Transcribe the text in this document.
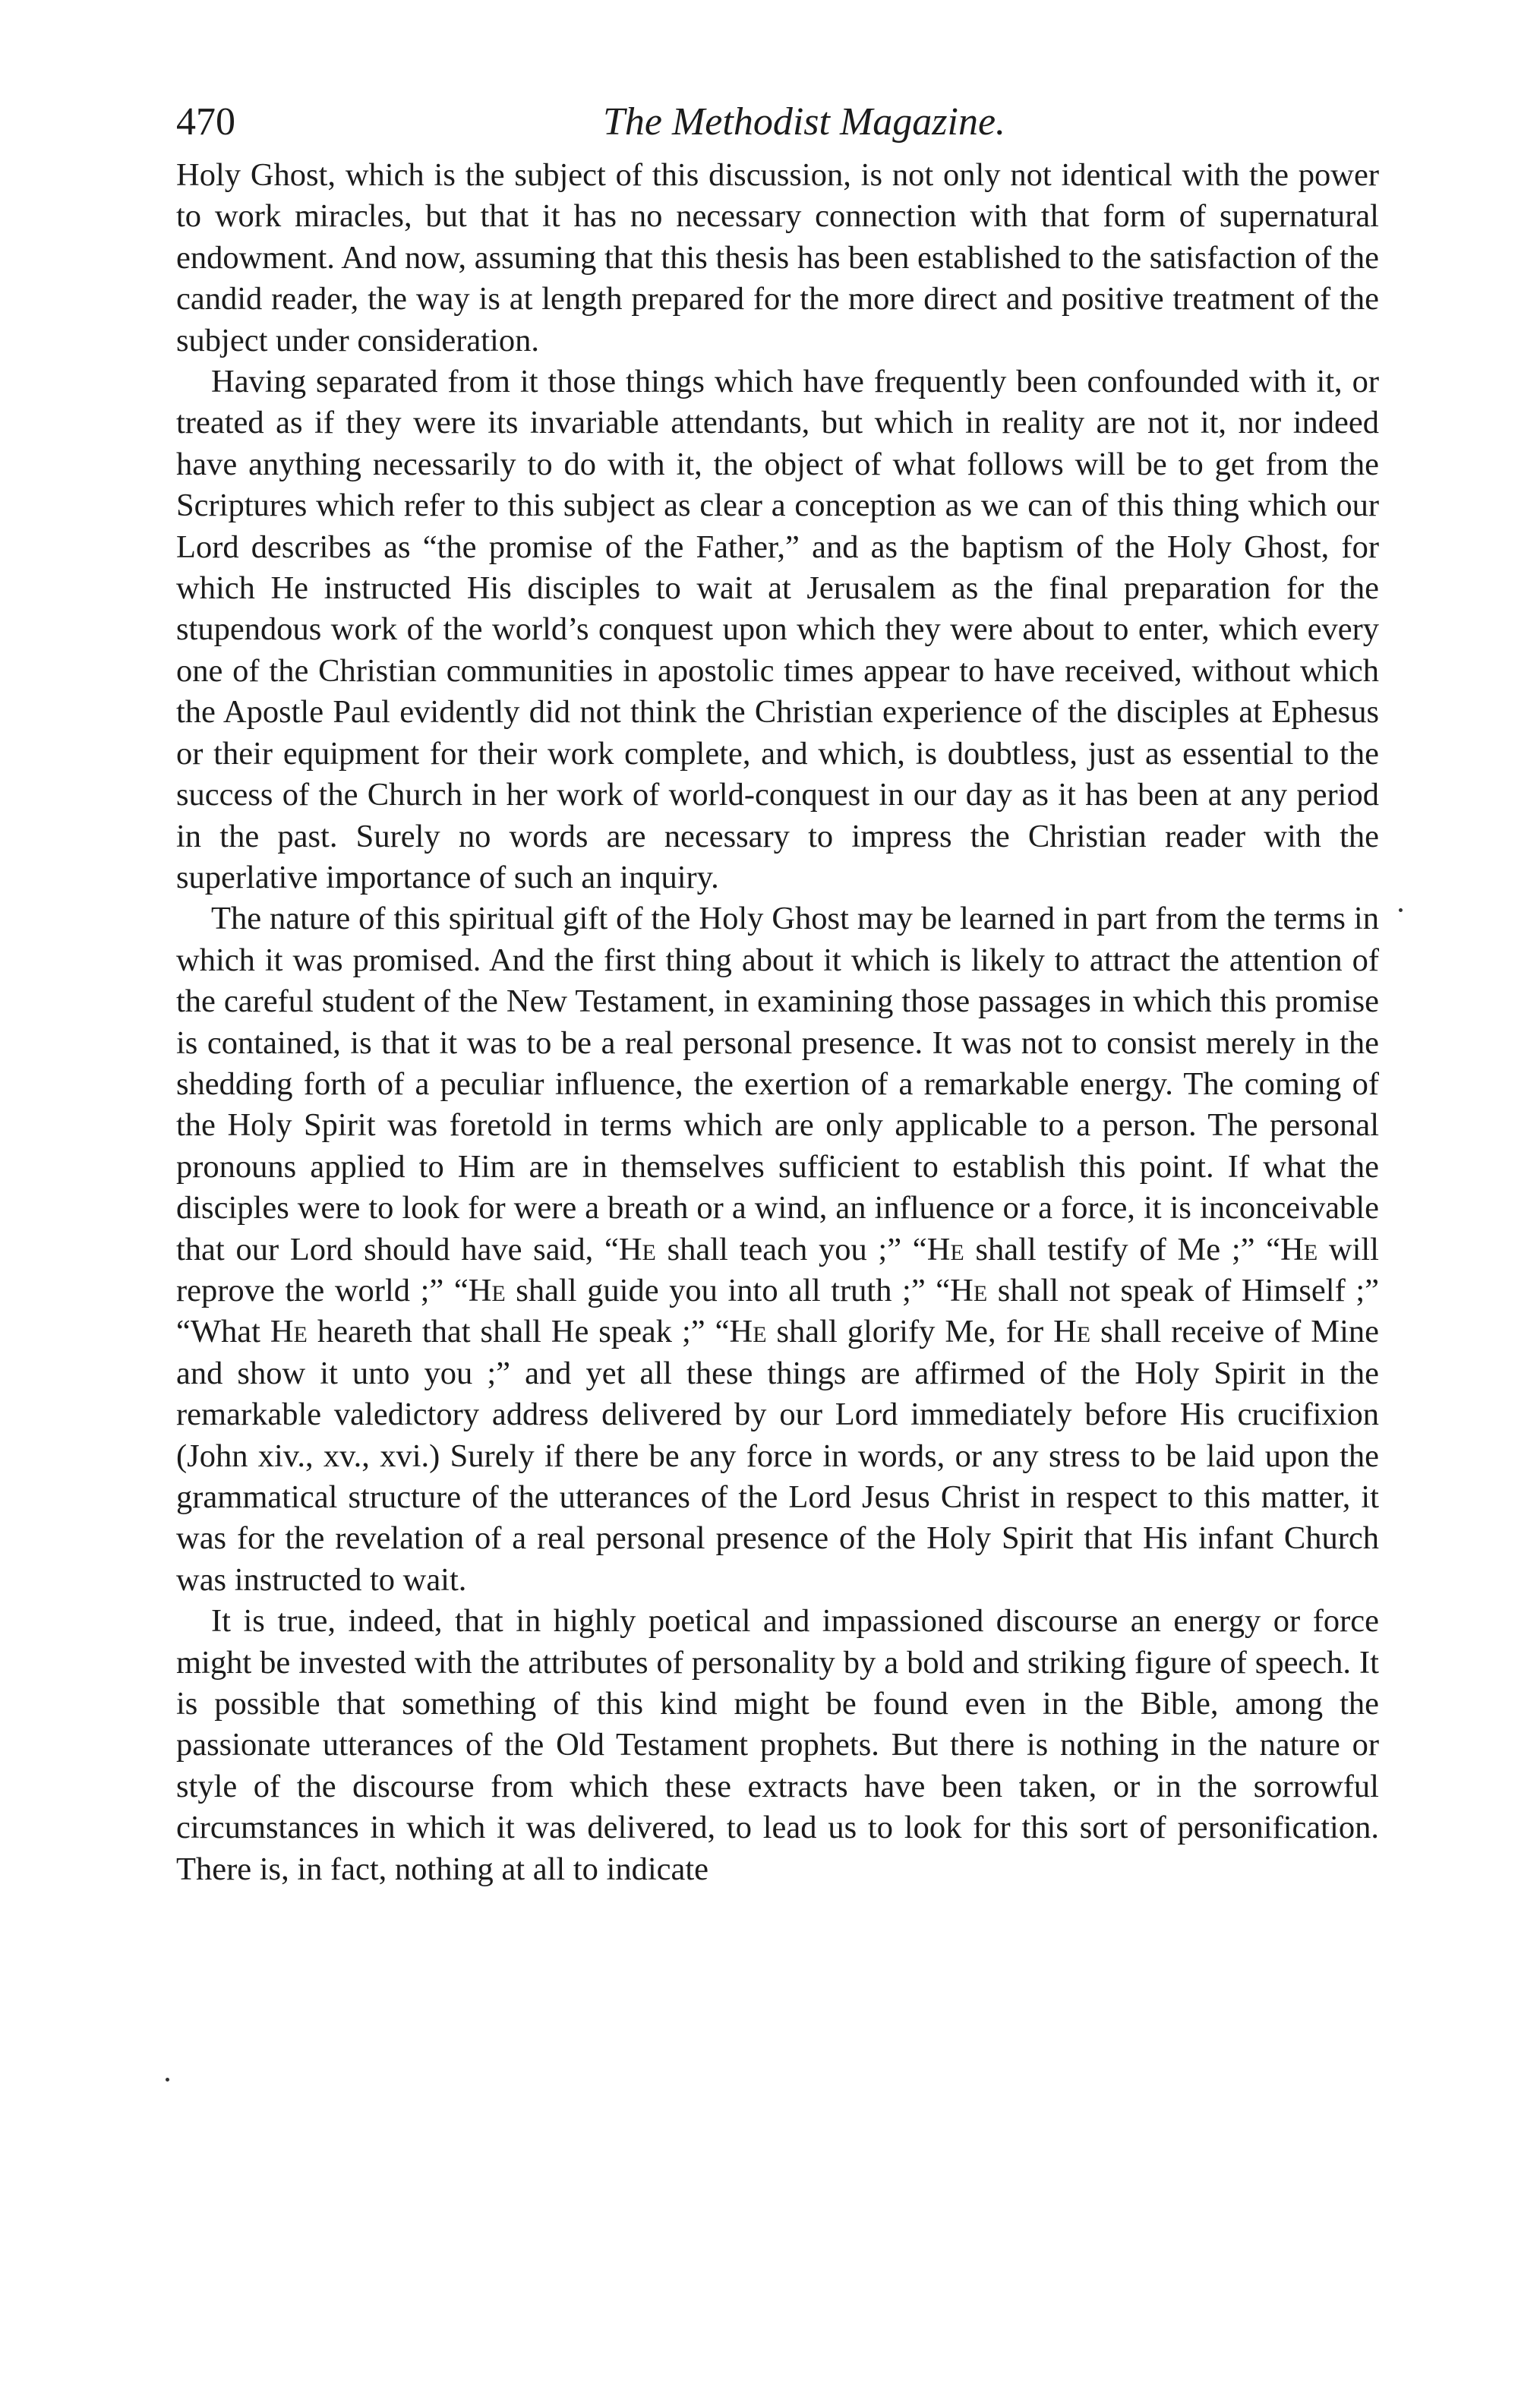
470	The Methodist Magazine.

Holy Ghost, which is the subject of this discussion, is not only not identical with the power to work miracles, but that it has no necessary connection with that form of supernatural endowment. And now, assuming that this thesis has been established to the satisfaction of the candid reader, the way is at length prepared for the more direct and positive treatment of the subject under consideration.

Having separated from it those things which have frequently been confounded with it, or treated as if they were its invariable attendants, but which in reality are not it, nor indeed have anything necessarily to do with it, the object of what follows will be to get from the Scriptures which refer to this subject as clear a conception as we can of this thing which our Lord describes as “the promise of the Father,” and as the baptism of the Holy Ghost, for which He instructed His disciples to wait at Jerusalem as the final preparation for the stupendous work of the world’s conquest upon which they were about to enter, which every one of the Christian communities in apostolic times appear to have received, without which the Apostle Paul evidently did not think the Christian experience of the disciples at Ephesus or their equipment for their work complete, and which, is doubtless, just as essential to the success of the Church in her work of world-conquest in our day as it has been at any period in the past. Surely no words are necessary to impress the Christian reader with the superlative importance of such an inquiry.

The nature of this spiritual gift of the Holy Ghost may be learned in part from the terms in which it was promised. And the first thing about it which is likely to attract the attention of the careful student of the New Testament, in examining those passages in which this promise is contained, is that it was to be a real personal presence. It was not to consist merely in the shedding forth of a peculiar influence, the exertion of a remarkable energy. The coming of the Holy Spirit was foretold in terms which are only applicable to a person. The personal pronouns applied to Him are in themselves sufficient to establish this point. If what the disciples were to look for were a breath or a wind, an influence or a force, it is inconceivable that our Lord should have said, “He shall teach you ;” “He shall testify of Me ;” “He will reprove the world ;” “He shall guide you into all truth ;” “He shall not speak of Himself ;” “What He heareth that shall He speak ;” “He shall glorify Me, for He shall receive of Mine and show it unto you ;” and yet all these things are affirmed of the Holy Spirit in the remarkable valedictory address delivered by our Lord immediately before His crucifixion (John xiv., xv., xvi.) Surely if there be any force in words, or any stress to be laid upon the grammatical structure of the utterances of the Lord Jesus Christ in respect to this matter, it was for the revelation of a real personal presence of the Holy Spirit that His infant Church was instructed to wait.

It is true, indeed, that in highly poetical and impassioned discourse an energy or force might be invested with the attributes of personality by a bold and striking figure of speech. It is possible that something of this kind might be found even in the Bible, among the passionate utterances of the Old Testament prophets. But there is nothing in the nature or style of the discourse from which these extracts have been taken, or in the sorrowful circumstances in which it was delivered, to lead us to look for this sort of personification. There is, in fact, nothing at all to indicate
